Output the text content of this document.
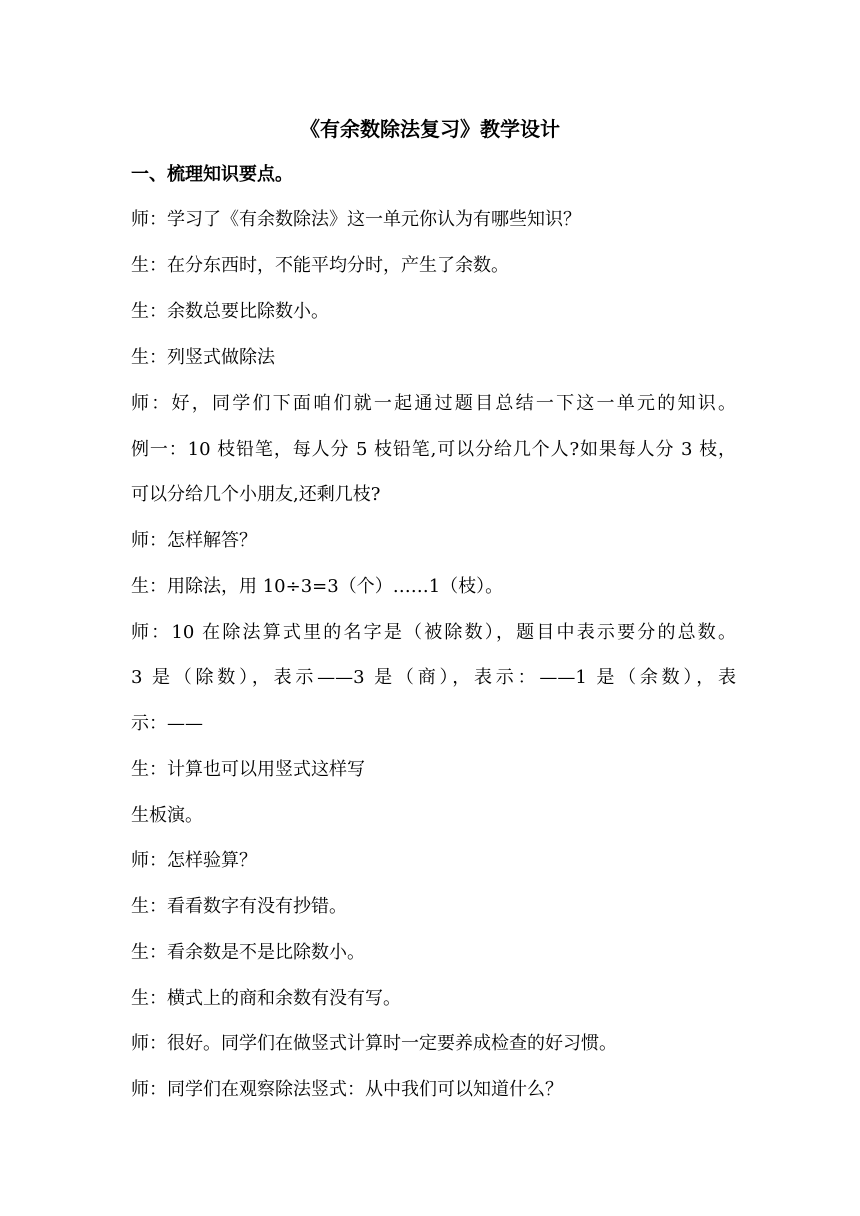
《有余数除法复习》教学设计
一、梳理知识要点。
师：学习了《有余数除法》这一单元你认为有哪些知识？
生：在分东西时，不能平均分时，产生了余数。
生：余数总要比除数小。
生：列竖式做除法
师：好，同学们下面咱们就一起通过题目总结一下这一单元的知识。
例一：10 枝铅笔，每人分 5 枝铅笔,可以分给几个人?如果每人分 3 枝，
可以分给几个小朋友,还剩几枝?
师：怎样解答？
生：用除法，用 10÷3=3（个）……1（枝）。
师：10 在除法算式里的名字是（被除数），题目中表示要分的总数。
3 是（除数），表示——3 是（商），表示：——1 是（余数），表
示：——
生：计算也可以用竖式这样写
生板演。
师：怎样验算？
生：看看数字有没有抄错。
生：看余数是不是比除数小。
生：横式上的商和余数有没有写。
师：很好。同学们在做竖式计算时一定要养成检查的好习惯。
师：同学们在观察除法竖式：从中我们可以知道什么？
